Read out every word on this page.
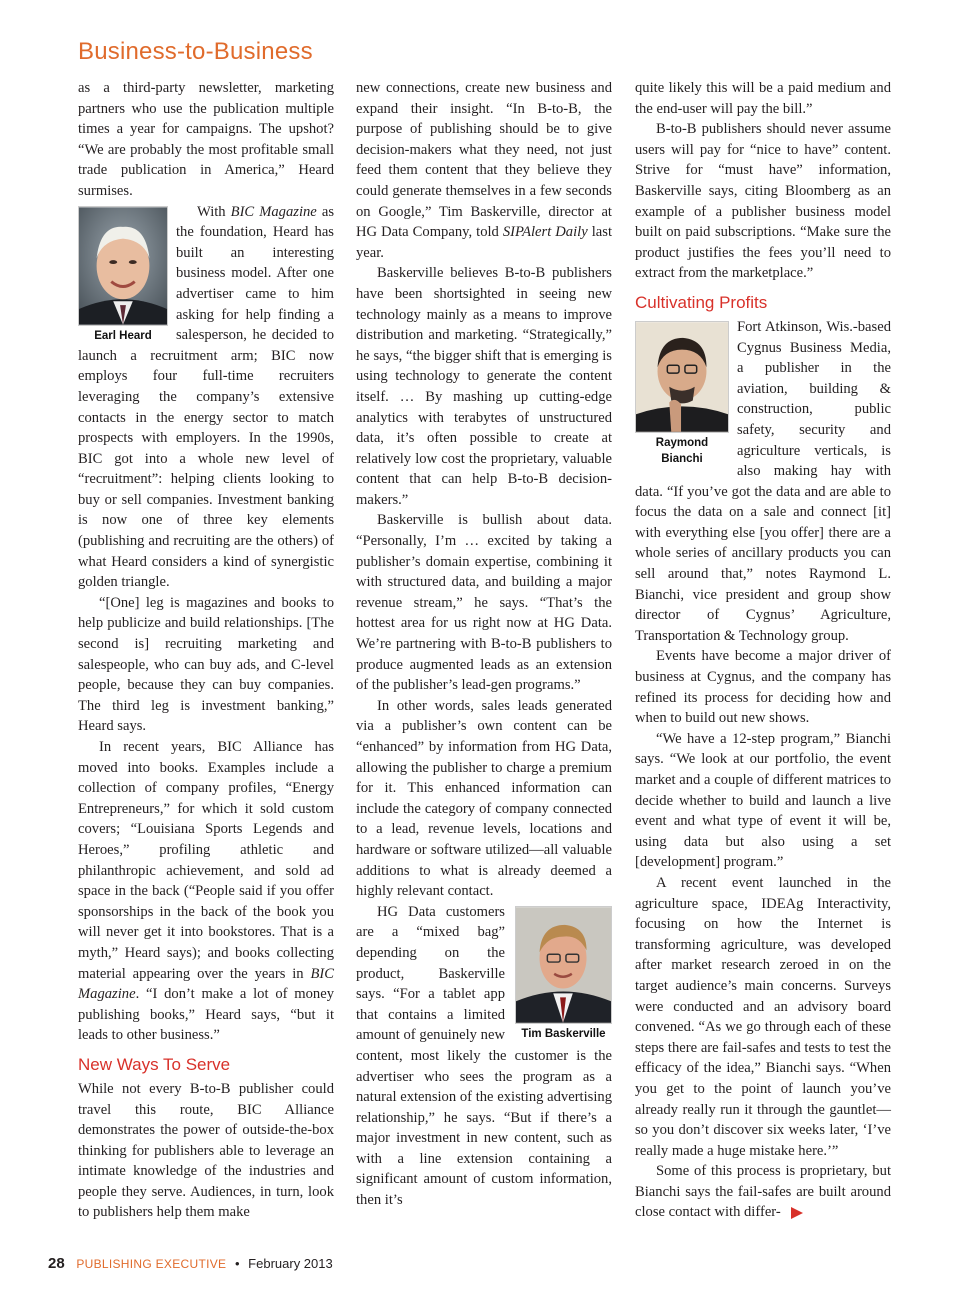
Business-to-Business

as a third-party newsletter, marketing partners who use the publication multiple times a year for campaigns. The upshot? “We are probably the most profitable small trade publication in America,” Heard surmises.

Earl Heard
With BIC Magazine as the foundation, Heard has built an interesting business model. After one advertiser came to him asking for help finding a salesperson, he decided to launch a recruitment arm; BIC now employs four full-time recruiters leveraging the company’s extensive contacts in the energy sector to match prospects with employers. In the 1990s, BIC got into a whole new level of “recruitment”: helping clients looking to buy or sell companies. Investment banking is now one of three key elements (publishing and recruiting are the others) of what Heard considers a kind of synergistic golden triangle.

“[One] leg is magazines and books to help publicize and build relationships. [The second is] recruiting marketing and salespeople, who can buy ads, and C-level people, because they can buy companies. The third leg is investment banking,” Heard says.

In recent years, BIC Alliance has moved into books. Examples include a collection of company profiles, “Energy Entrepreneurs,” for which it sold custom covers; “Louisiana Sports Legends and Heroes,” profiling athletic and philanthropic achievement, and sold ad space in the back (“People said if you offer sponsorships in the back of the book you will never get it into bookstores. That is a myth,” Heard says); and books collecting material appearing over the years in BIC Magazine. “I don’t make a lot of money publishing books,” Heard says, “but it leads to other business.”

New Ways To Serve

While not every B-to-B publisher could travel this route, BIC Alliance demonstrates the power of outside-the-box thinking for publishers able to leverage an intimate knowledge of the industries and people they serve. Audiences, in turn, look to publishers help them make

new connections, create new business and expand their insight. “In B-to-B, the purpose of publishing should be to give decision-makers what they need, not just feed them content that they believe they could generate themselves in a few seconds on Google,” Tim Baskerville, director at HG Data Company, told SIPAlert Daily last year.

Baskerville believes B-to-B publishers have been shortsighted in seeing new technology mainly as a means to improve distribution and marketing. “Strategically,” he says, “the bigger shift that is emerging is using technology to generate the content itself. … By mashing up cutting-edge analytics with terabytes of unstructured data, it’s often possible to create at relatively low cost the proprietary, valuable content that can help B-to-B decision-makers.”

Baskerville is bullish about data. “Personally, I’m … excited by taking a publisher’s domain expertise, combining it with structured data, and building a major revenue stream,” he says. “That’s the hottest area for us right now at HG Data. We’re partnering with B-to-B publishers to produce augmented leads as an extension of the publisher’s lead-gen programs.”

In other words, sales leads generated via a publisher’s own content can be “enhanced” by information from HG Data, allowing the publisher to charge a premium for it. This enhanced information can include the category of company connected to a lead, revenue levels, locations and hardware or software utilized—all valuable additions to what is already deemed a highly relevant contact.

Tim Baskerville
HG Data customers are a “mixed bag” depending on the product, Baskerville says. “For a tablet app that contains a limited amount of genuinely new content, most likely the customer is the advertiser who sees the program as a natural extension of the existing advertising relationship,” he says. “But if there’s a major investment in new content, such as with a line extension containing a significant amount of custom information, then it’s

quite likely this will be a paid medium and the end-user will pay the bill.”

B-to-B publishers should never assume users will pay for “nice to have” content. Strive for “must have” information, Baskerville says, citing Bloomberg as an example of a publisher business model built on paid subscriptions. “Make sure the product justifies the fees you’ll need to extract from the marketplace.”

Cultivating Profits

Raymond Bianchi
Fort Atkinson, Wis.-based Cygnus Business Media, a publisher in the aviation, building & construction, public safety, security and agriculture verticals, is also making hay with data. “If you’ve got the data and are able to focus the data on a sale and connect [it] with everything else [you offer] there are a whole series of ancillary products you can sell around that,” notes Raymond L. Bianchi, vice president and group show director of Cygnus’ Agriculture, Transportation & Technology group.

Events have become a major driver of business at Cygnus, and the company has refined its process for deciding how and when to build out new shows.

“We have a 12-step program,” Bianchi says. “We look at our portfolio, the event market and a couple of different matrices to decide whether to build and launch a live event and what type of event it will be, using data but also using a set [development] program.”

A recent event launched in the agriculture space, IDEAg Interactivity, focusing on how the Internet is transforming agriculture, was developed after market research zeroed in on the target audience’s main concerns. Surveys were conducted and an advisory board convened. “As we go through each of these steps there are fail-safes and tests to test the efficacy of the idea,” Bianchi says. “When you get to the point of launch you’ve already really run it through the gauntlet—so you don’t discover six weeks later, ‘I’ve really made a huge mistake here.’”

Some of this process is proprietary, but Bianchi says the fail-safes are built around close contact with differ-

28 PUBLISHING EXECUTIVE • February 2013
